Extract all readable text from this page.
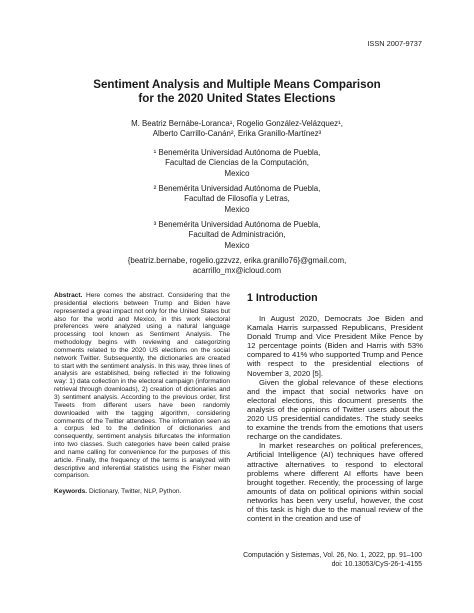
ISSN 2007-9737
Sentiment Analysis and Multiple Means Comparison
for the 2020 United States Elections
M. Beatriz Bernábe-Loranca¹, Rogelio González-Velázquez¹,
Alberto Carrillo-Canán², Erika Granillo-Martínez³
¹ Benemérita Universidad Autónoma de Puebla,
Facultad de Ciencias de la Computación,
Mexico
² Benemérita Universidad Autónoma de Puebla,
Facultad de Filosofía y Letras,
Mexico
³ Benemérita Universidad Autónoma de Puebla,
Facultad de Administración,
Mexico
{beatriz.bernabe, rogelio.gzzvzz, erika.granillo76}@gmail.com,
acarrillo_mx@icloud.com

Abstract. Here comes the abstract. Considering that the presidential elections between Trump and Biden have represented a great impact not only for the United States but also for the world and Mexico, in this work electoral preferences were analyzed using a natural language processing tool known as Sentiment Analysis. The methodology begins with reviewing and categorizing comments related to the 2020 US elections on the social network Twitter. Subsequently, the dictionaries are created to start with the sentiment analysis. In this way, three lines of analysis are established, being reflected in the following way: 1) data collection in the electoral campaign (information retrieval through downloads), 2) creation of dictionaries and 3) sentiment analysis. According to the previous order, first Tweets from different users have been randomly downloaded with the tagging algorithm, considering comments of the Twitter attendees. The information seen as a corpus led to the definition of dictionaries and consequently, sentiment analysis bifurcates the information into two classes. Such categories have been called praise and name calling for convenience for the purposes of this article. Finally, the frequency of the terms is analyzed with descriptive and inferential statistics using the Fisher mean comparison.

Keywords. Dictionary, Twitter, NLP, Python.

1 Introduction

In August 2020, Democrats Joe Biden and Kamala Harris surpassed Republicans, President Donald Trump and Vice President Mike Pence by 12 percentage points (Biden and Harris with 53% compared to 41% who supported Trump and Pence with respect to the presidential elections of November 3, 2020 [5].

Given the global relevance of these elections and the impact that social networks have on electoral elections, this document presents the analysis of the opinions of Twitter users about the 2020 US presidential candidates. The study seeks to examine the trends from the emotions that users recharge on the candidates.

In market researches on political preferences, Artificial Intelligence (AI) techniques have offered attractive alternatives to respond to electoral problems where different AI efforts have been brought together. Recently, the processing of large amounts of data on political opinions within social networks has been very useful, however, the cost of this task is high due to the manual review of the content in the creation and use of

Computación y Sistemas, Vol. 26, No. 1, 2022, pp. 91–100
doi: 10.13053/CyS-26-1-4155
